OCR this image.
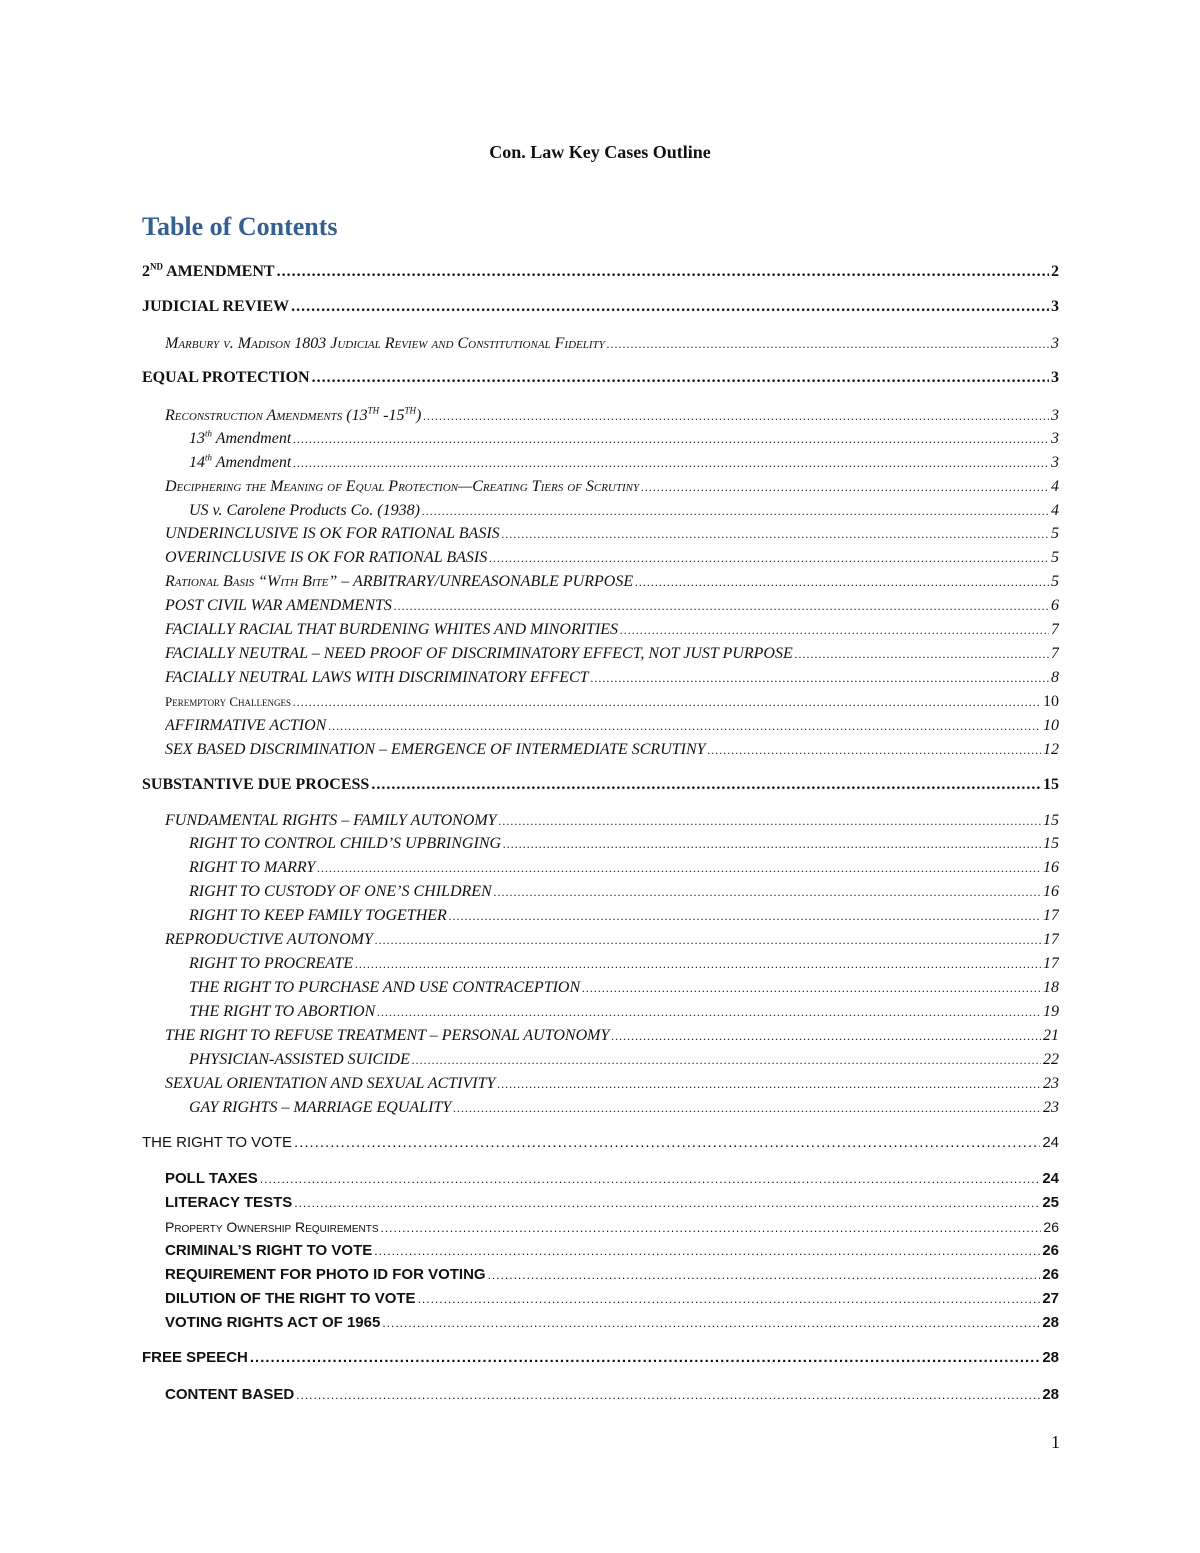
Con. Law Key Cases Outline
Table of Contents
2ND AMENDMENT .....	2
JUDICIAL REVIEW .....	3
Marbury v. Madison 1803 Judicial Review and Constitutional Fidelity .....	3
EQUAL PROTECTION .....	3
Reconstruction Amendments (13TH -15TH) .....	3
13th Amendment .....	3
14th Amendment .....	3
Deciphering the Meaning of Equal Protection—Creating Tiers of Scrutiny .....	4
US v. Carolene Products Co. (1938) .....	4
UNDERINCLUSIVE IS OK FOR RATIONAL BASIS .....	5
OVERINCLUSIVE IS OK FOR RATIONAL BASIS .....	5
Rational Basis “With Bite” – ARBITRARY/UNREASONABLE PURPOSE .....	5
POST CIVIL WAR AMENDMENTS .....	6
FACIALLY RACIAL THAT BURDENING WHITES AND MINORITIES .....	7
FACIALLY NEUTRAL – NEED PROOF OF DISCRIMINATORY EFFECT, NOT JUST PURPOSE .....	7
FACIALLY NEUTRAL LAWS WITH DISCRIMINATORY EFFECT .....	8
Peremptory Challenges .....	10
AFFIRMATIVE ACTION .....	10
SEX BASED DISCRIMINATION – EMERGENCE OF INTERMEDIATE SCRUTINY .....	12
SUBSTANTIVE DUE PROCESS .....	15
FUNDAMENTAL RIGHTS – FAMILY AUTONOMY .....	15
RIGHT TO CONTROL CHILD’S UPBRINGING .....	15
RIGHT TO MARRY .....	16
RIGHT TO CUSTODY OF ONE’S CHILDREN .....	16
RIGHT TO KEEP FAMILY TOGETHER .....	17
REPRODUCTIVE AUTONOMY .....	17
RIGHT TO PROCREATE .....	17
THE RIGHT TO PURCHASE AND USE CONTRACEPTION .....	18
THE RIGHT TO ABORTION .....	19
THE RIGHT TO REFUSE TREATMENT – PERSONAL AUTONOMY .....	21
PHYSICIAN-ASSISTED SUICIDE .....	22
SEXUAL ORIENTATION AND SEXUAL ACTIVITY .....	23
GAY RIGHTS – MARRIAGE EQUALITY .....	23
THE RIGHT TO VOTE .....	24
POLL TAXES .....	24
LITERACY TESTS .....	25
Property Ownership Requirements .....	26
CRIMINAL’S RIGHT TO VOTE .....	26
REQUIREMENT FOR PHOTO ID FOR VOTING .....	26
DILUTION OF THE RIGHT TO VOTE .....	27
VOTING RIGHTS ACT OF 1965 .....	28
FREE SPEECH .....	28
CONTENT BASED .....	28
1
